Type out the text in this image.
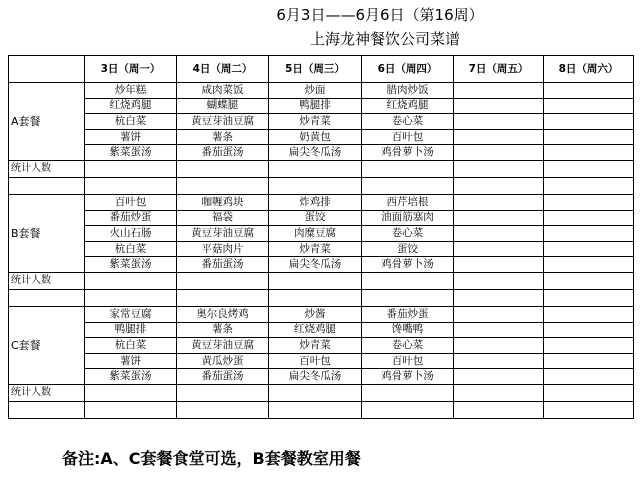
6月3日——6月6日（第16周）
上海龙神餐饮公司菜谱
	3日（周一）	4日（周二）	5日（周三）	6日（周四）	7日（周五）	8日（周六）
A套餐	炒年糕	咸肉菜饭	炒面	腊肉炒饭		
	红烧鸡腿	蝴蝶腿	鸭腿排	红烧鸡腿		
	杭白菜	黄豆芽油豆腐	炒青菜	卷心菜		
	薯饼	薯条	奶黄包	百叶包		
	紫菜蛋汤	番茄蛋汤	扁尖冬瓜汤	鸡骨萝卜汤		
统计人数						

B套餐	百叶包	咖喱鸡块	炸鸡排	西芹培根		
	番茄炒蛋	福袋	蛋饺	油面筋塞肉		
	火山石肠	黄豆芽油豆腐	肉糜豆腐	卷心菜		
	杭白菜	平菇肉片	炒青菜	蛋饺		
	紫菜蛋汤	番茄蛋汤	扁尖冬瓜汤	鸡骨萝卜汤		
统计人数						

C套餐	家常豆腐	奥尔良烤鸡	炒酱	番茄炒蛋		
	鸭腿排	薯条	红烧鸡腿	馋嘴鸭		
	杭白菜	黄豆芽油豆腐	炒青菜	卷心菜		
	薯饼	黄瓜炒蛋	百叶包	百叶包		
	紫菜蛋汤	番茄蛋汤	扁尖冬瓜汤	鸡骨萝卜汤		
统计人数						

备注:A、C套餐食堂可选，B套餐教室用餐
